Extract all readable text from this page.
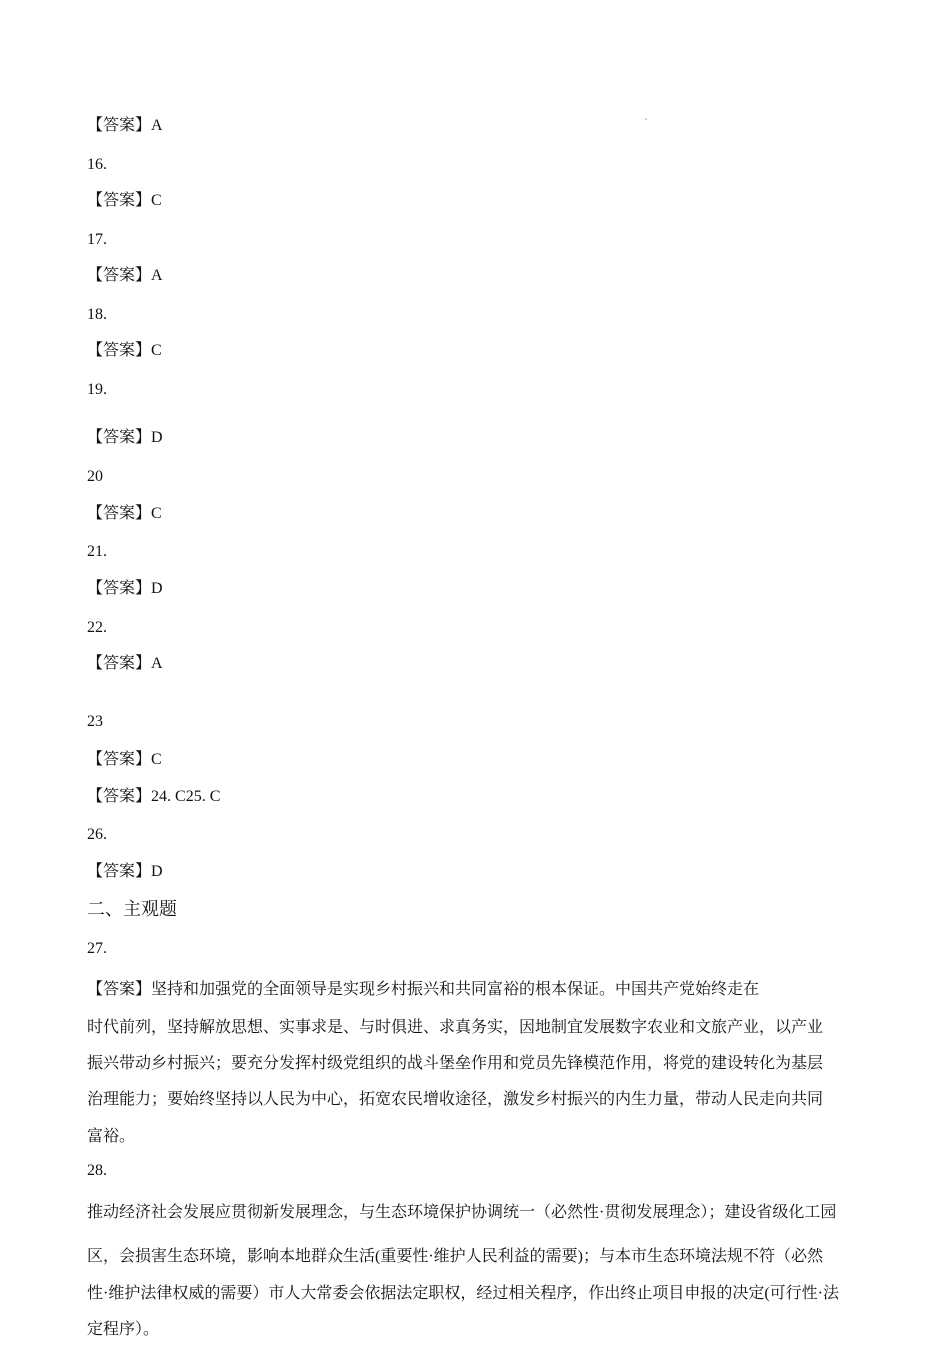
【答案】A
16.
【答案】C
17.
【答案】A
18.
【答案】C
19.
【答案】D
20
【答案】C
21.
【答案】D
22.
【答案】A
23
【答案】C
【答案】24. C25. C
26.
【答案】D
二、主观题
27.
【答案】坚持和加强党的全面领导是实现乡村振兴和共同富裕的根本保证。中国共产党始终走在
时代前列，坚持解放思想、实事求是、与时俱进、求真务实，因地制宜发展数字农业和文旅产业，以产业
振兴带动乡村振兴；要充分发挥村级党组织的战斗堡垒作用和党员先锋模范作用，将党的建设转化为基层
治理能力；要始终坚持以人民为中心，拓宽农民增收途径，激发乡村振兴的内生力量，带动人民走向共同
富裕。
28.
推动经济社会发展应贯彻新发展理念，与生态环境保护协调统一（必然性·贯彻发展理念）；建设省级化工园
区，会损害生态环境，影响本地群众生活(重要性·维护人民利益的需要)；与本市生态环境法规不符（必然
性·维护法律权威的需要）市人大常委会依据法定职权，经过相关程序，作出终止项目申报的决定(可行性·法
定程序）。
